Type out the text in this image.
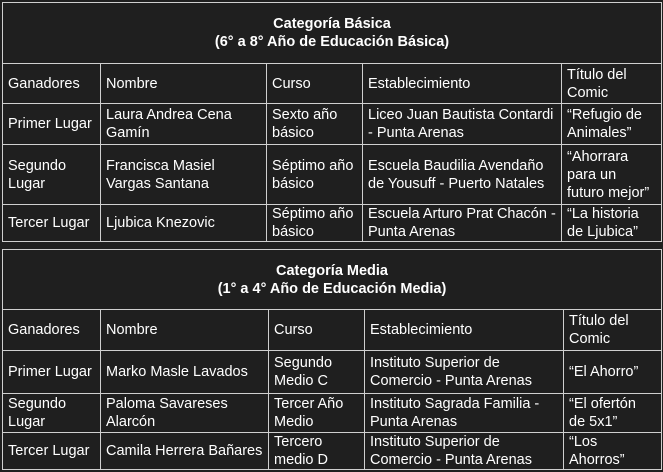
Categoría Básica
(6° a 8° Año de Educación Básica)				

Ganadores	Nombre	Curso	Establecimiento	Título del Comic
Primer Lugar	Laura Andrea Cena Gamín	Sexto año básico	Liceo Juan Bautista Contardi - Punta Arenas	“Refugio de Animales”
Segundo Lugar	Francisca Masiel Vargas Santana	Séptimo año básico	Escuela Baudilia Avendaño de Yousuff - Puerto Natales	“Ahorrara para un futuro mejor”
Tercer Lugar	Ljubica Knezovic	Séptimo año básico	Escuela Arturo Prat Chacón - Punta Arenas	“La historia de Ljubica”
Categoría Media
(1° a 4° Año de Educación Media)				

Ganadores	Nombre	Curso	Establecimiento	Título del Comic
Primer Lugar	Marko Masle Lavados	Segundo Medio C	Instituto Superior de Comercio - Punta Arenas	“El Ahorro”
Segundo Lugar	Paloma Savareses Alarcón	Tercer Año Medio	Instituto Sagrada Familia - Punta Arenas	“El ofertón de 5x1”
Tercer Lugar	Camila Herrera Bañares	Tercero medio D	Instituto Superior de Comercio - Punta Arenas	“Los Ahorros”
